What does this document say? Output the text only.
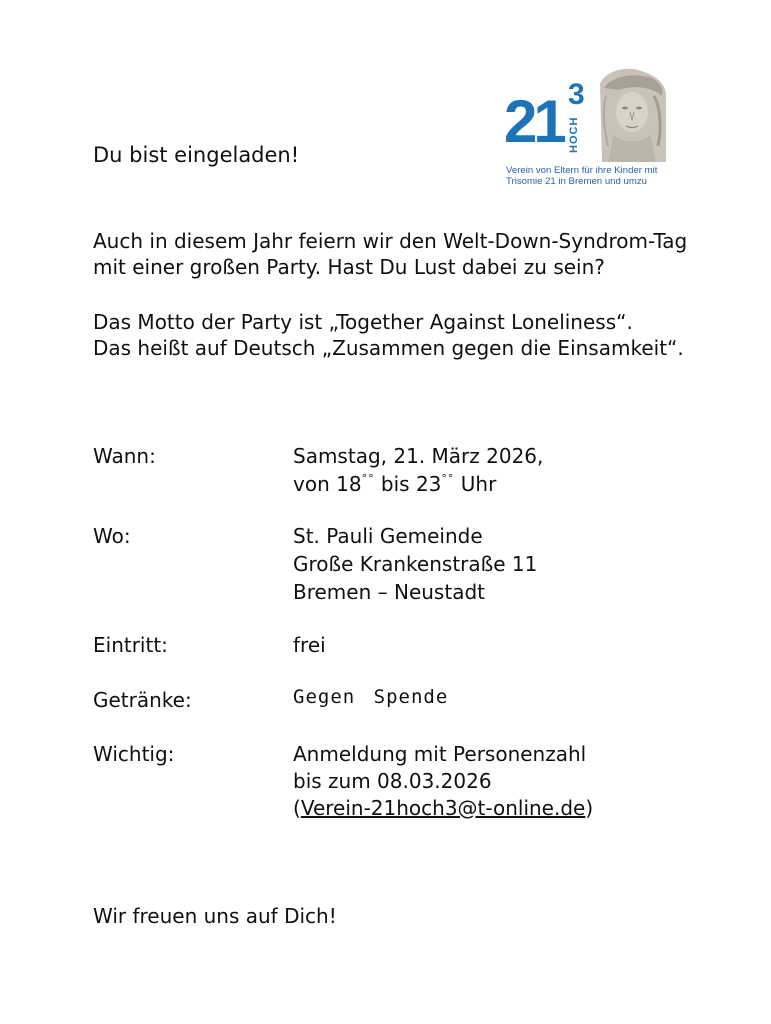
21 3
HOCH
Verein von Eltern für ihre Kinder mit
Trisomie 21 in Bremen und umzu
Du bist eingeladen!
Auch in diesem Jahr feiern wir den Welt-Down-Syndrom-Tag
mit einer großen Party. Hast Du Lust dabei zu sein?
Das Motto der Party ist „Together Against Loneliness“.
Das heißt auf Deutsch „Zusammen gegen die Einsamkeit“.
Wann:	Samstag, 21. März 2026,
von 18°° bis 23°° Uhr
Wo:	St. Pauli Gemeinde
Große Krankenstraße 11
Bremen – Neustadt
Eintritt:	frei
Getränke:	Gegen Spende
Wichtig:	Anmeldung mit Personenzahl
bis zum 08.03.2026
(Verein-21hoch3@t-online.de)
Wir freuen uns auf Dich!
